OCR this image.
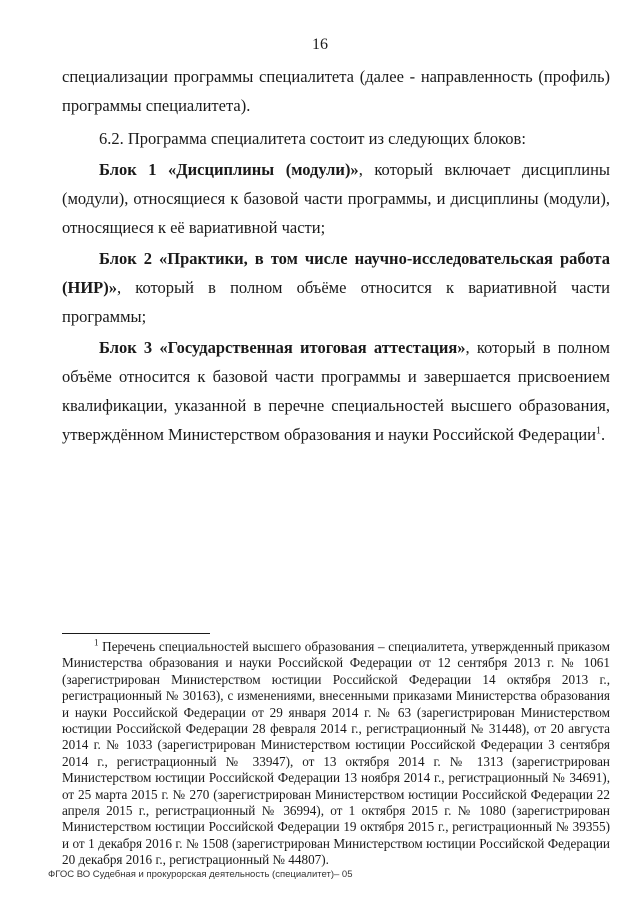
16

специализации программы специалитета (далее - направленность (профиль)

программы специалитета).

6.2. Программа специалитета состоит из следующих блоков:

Блок 1 «Дисциплины (модули)», который включает дисциплины (модули), относящиеся к базовой части программы, и дисциплины (модули), относящиеся к её вариативной части;

Блок 2 «Практики, в том числе научно-исследовательская работа (НИР)», который в полном объёме относится к вариативной части программы;

Блок 3 «Государственная итоговая аттестация», который в полном объёме относится к базовой части программы и завершается присвоением квалификации, указанной в перечне специальностей высшего образования, утверждённом Министерством образования и науки Российской Федерации$^1$.

$^1$ Перечень специальностей высшего образования – специалитета, утвержденный приказом Министерства образования и науки Российской Федерации от 12 сентября 2013 г. № 1061 (зарегистрирован Министерством юстиции Российской Федерации 14 октября 2013 г., регистрационный № 30163), с изменениями, внесенными приказами Министерства образования и науки Российской Федерации от 29 января 2014 г. № 63 (зарегистрирован Министерством юстиции Российской Федерации 28 февраля 2014 г., регистрационный № 31448), от 20 августа 2014 г. № 1033 (зарегистрирован Министерством юстиции Российской Федерации 3 сентября 2014 г., регистрационный № 33947), от 13 октября 2014 г. № 1313 (зарегистрирован Министерством юстиции Российской Федерации 13 ноября 2014 г., регистрационный № 34691), от 25 марта 2015 г. № 270 (зарегистрирован Министерством юстиции Российской Федерации 22 апреля 2015 г., регистрационный № 36994), от 1 октября 2015 г. № 1080 (зарегистрирован Министерством юстиции Российской Федерации 19 октября 2015 г., регистрационный № 39355) и от 1 декабря 2016 г. № 1508 (зарегистрирован Министерством юстиции Российской Федерации 20 декабря 2016 г., регистрационный № 44807).
ФГОС ВО Судебная и прокурорская деятельность (специалитет)– 05
